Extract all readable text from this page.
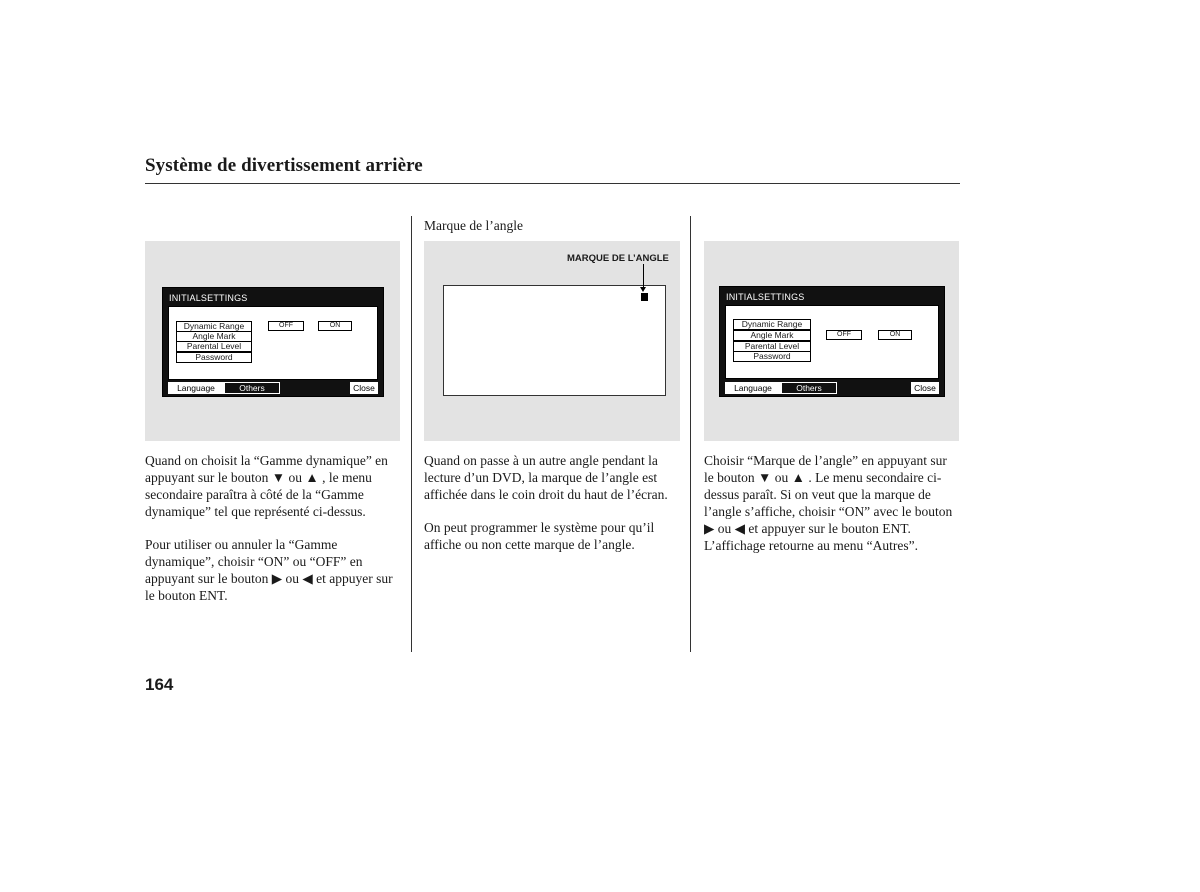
Système de divertissement arrière
INITIALSETTINGS
Dynamic Range
Angle Mark
Parental Level
Password
OFF	ON
Language	Others	Close
Marque de l’angle
MARQUE DE L’ANGLE
INITIALSETTINGS
Dynamic Range
Angle Mark
Parental Level
Password
OFF	ON
Language	Others	Close

Quand on choisit la “Gamme dynamique” en appuyant sur le bouton ▼ ou ▲ , le menu secondaire paraîtra à côté de la “Gamme dynamique” tel que représenté ci-dessus.

Pour utiliser ou annuler la “Gamme dynamique”, choisir “ON” ou “OFF” en appuyant sur le bouton ▶ ou ◀ et appuyer sur le bouton ENT.

Quand on passe à un autre angle pendant la lecture d’un DVD, la marque de l’angle est affichée dans le coin droit du haut de l’écran.

On peut programmer le système pour qu’il affiche ou non cette marque de l’angle.

Choisir “Marque de l’angle” en appuyant sur le bouton ▼ ou ▲ . Le menu secondaire ci-dessus paraît. Si on veut que la marque de l’angle s’affiche, choisir “ON” avec le bouton ▶ ou ◀ et appuyer sur le bouton ENT. L’affichage retourne au menu “Autres”.

164
